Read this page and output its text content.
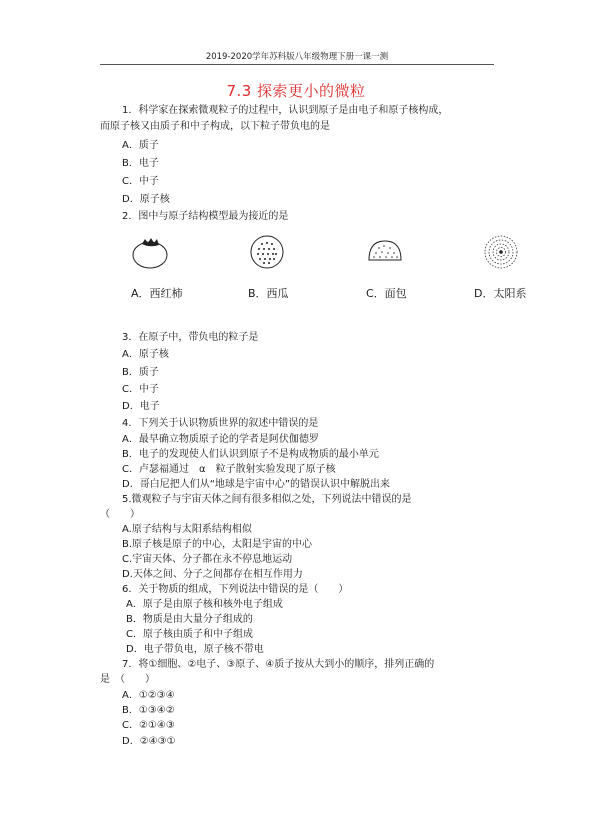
2019-2020学年苏科版八年级物理下册一课一测
7.3 探索更小的微粒
1．科学家在探索微观粒子的过程中，认识到原子是由电子和原子核构成，
而原子核又由质子和中子构成，以下粒子带负电的是
A．质子
B．电子
C．中子
D．原子核
2．图中与原子结构模型最为接近的是
A．西红柿	B．西瓜	C．面包	D．太阳系
3．在原子中，带负电的粒子是
A．原子核
B．质子
C．中子
D．电子
4．下列关于认识物质世界的叙述中错误的是
A．最早确立物质原子论的学者是阿伏伽德罗
B．电子的发现使人们认识到原子不是构成物质的最小单元
C．卢瑟福通过　α　粒子散射实验发现了原子核
D．哥白尼把人们从“地球是宇宙中心”的错误认识中解脱出来
5.微观粒子与宇宙天体之间有很多相似之处，下列说法中错误的是
（　　）
A.原子结构与太阳系结构相似
B.原子核是原子的中心，太阳是宇宙的中心
C.宇宙天体、分子都在永不停息地运动
D.天体之间、分子之间都存在相互作用力
6．关于物质的组成，下列说法中错误的是（　　）
A．原子是由原子核和核外电子组成
B．物质是由大量分子组成的
C．原子核由质子和中子组成
D．电子带负电，原子核不带电
7．将①细胞、②电子、③原子、④质子按从大到小的顺序，排列正确的
是　（　　）
A．①②③④
B．①③④②
C．②①④③
D．②④③①
